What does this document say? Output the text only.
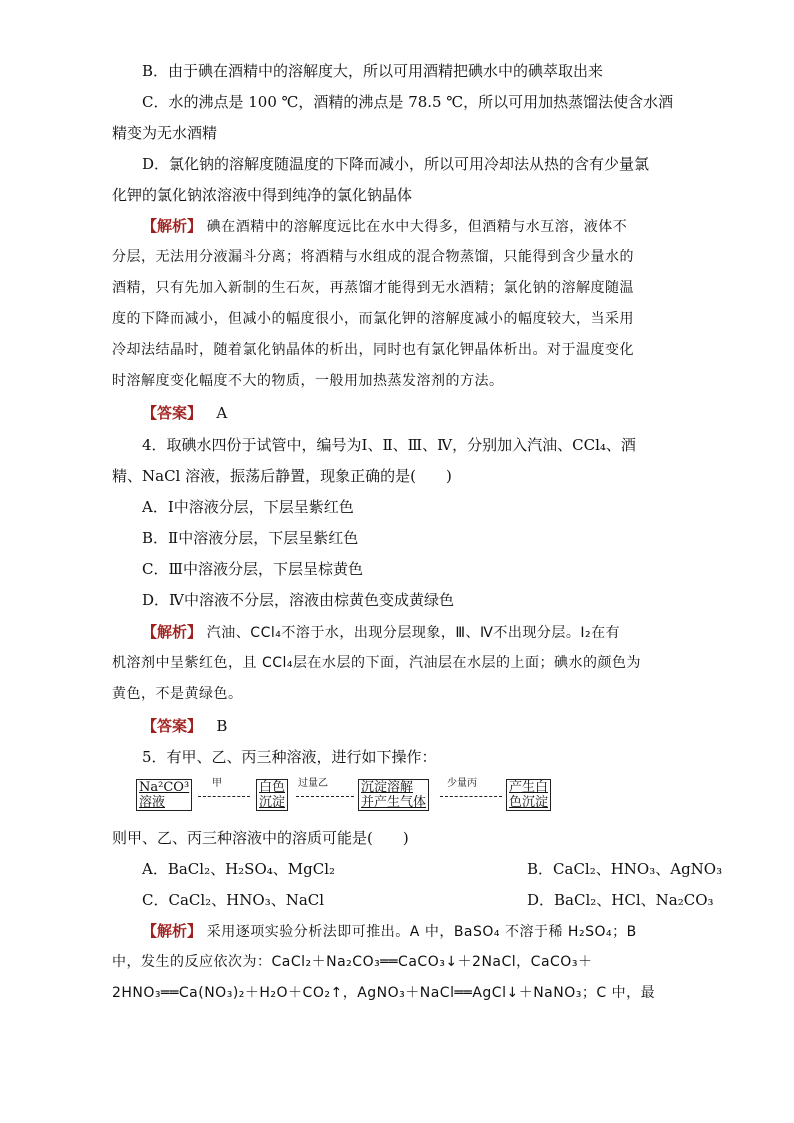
B．由于碘在酒精中的溶解度大，所以可用酒精把碘水中的碘萃取出来
C．水的沸点是 100 ℃，酒精的沸点是 78.5 ℃，所以可用加热蒸馏法使含水酒
精变为无水酒精
D．氯化钠的溶解度随温度的下降而减小，所以可用冷却法从热的含有少量氯
化钾的氯化钠浓溶液中得到纯净的氯化钠晶体
【解析】 碘在酒精中的溶解度远比在水中大得多，但酒精与水互溶，液体不
分层，无法用分液漏斗分离；将酒精与水组成的混合物蒸馏，只能得到含少量水的
酒精，只有先加入新制的生石灰，再蒸馏才能得到无水酒精；氯化钠的溶解度随温
度的下降而减小，但减小的幅度很小，而氯化钾的溶解度减小的幅度较大，当采用
冷却法结晶时，随着氯化钠晶体的析出，同时也有氯化钾晶体析出。对于温度变化
时溶解度变化幅度不大的物质，一般用加热蒸发溶剂的方法。
【答案】 A
4．取碘水四份于试管中，编号为Ⅰ、Ⅱ、Ⅲ、Ⅳ，分别加入汽油、CCl₄、酒
精、NaCl 溶液，振荡后静置，现象正确的是(　　)
A．Ⅰ中溶液分层，下层呈紫红色
B．Ⅱ中溶液分层，下层呈紫红色
C．Ⅲ中溶液分层，下层呈棕黄色
D．Ⅳ中溶液不分层，溶液由棕黄色变成黄绿色
【解析】 汽油、CCl₄不溶于水，出现分层现象，Ⅲ、Ⅳ不出现分层。I₂在有
机溶剂中呈紫红色，且 CCl₄层在水层的下面，汽油层在水层的上面；碘水的颜色为
黄色，不是黄绿色。
【答案】 B
5．有甲、乙、丙三种溶液，进行如下操作：
Na²CO³
溶液
甲	白色
沉淀
过量乙	沉淀溶解
并产生气体
少量丙 产生白
色沉淀
则甲、乙、丙三种溶液中的溶质可能是(　　)
A．BaCl₂、H₂SO₄、MgCl₂	B．CaCl₂、HNO₃、AgNO₃
C．CaCl₂、HNO₃、NaCl	D．BaCl₂、HCl、Na₂CO₃
【解析】 采用逐项实验分析法即可推出。A 中，BaSO₄ 不溶于稀 H₂SO₄；B
中，发生的反应依次为：CaCl₂＋Na₂CO₃══CaCO₃↓＋2NaCl，CaCO₃＋
2HNO₃══Ca(NO₃)₂＋H₂O＋CO₂↑，AgNO₃＋NaCl══AgCl↓＋NaNO₃；C 中，最
